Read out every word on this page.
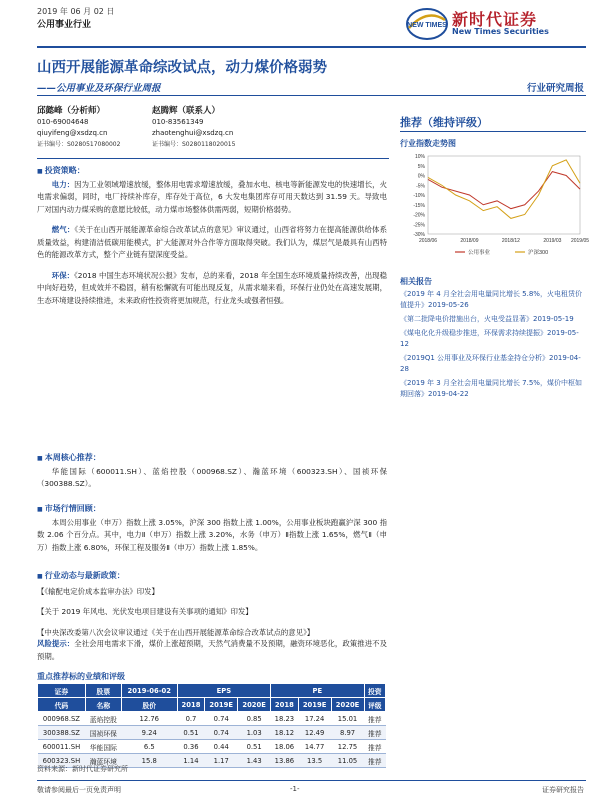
2019 年 06 月 02 日
公用事业行业	NEW TIMES 新时代证券
New Times Securities
山西开展能源革命综改试点，动力煤价格弱势
——公用事业及环保行业周报	行业研究周报
邱懿峰（分析师）
010-69004648
qiuyifeng@xsdzq.cn
证书编号：S0280517080002
赵腾辉（联系人）
010-83561349
zhaotenghui@xsdzq.cn
证书编号：S0280118020015
推荐（维持评级）
行业指数走势图
10%
5%
0%
-5%
-10%
-15%
-20%
-25%
-30%
2018/06	2018/09	2018/12	2019/03 2019/05
公用事业	沪深300
相关报告
《2019 年 4 月全社会用电量同比增长 5.8%，火电租赁价值提升》2019-05-26
《第二批降电价措施出台，火电受益显著》2019-05-19
《煤电化化升级稳步推进，环保需求持续提振》2019-05-12
《2019Q1 公用事业及环保行业基金持仓分析》2019-04-28
《2019 年 3 月全社会用电量同比增长 7.5%，煤价中枢如期回落》2019-04-22
■ 投资策略：

电力：因为工业领域增速放缓，整体用电需求增速放缓，叠加水电、核电等新能源发电的快速增长，火电需求偏弱，同时，电厂持续补库存，库存处于高位，6 大发电集团库存可用天数达到 31.59 天。导致电厂对国内动力煤采购的意愿比较低，动力煤市场整体供需两弱，短期价格弱势。

燃气：《关于在山西开展能源革命综合改革试点的意见》审议通过，山西省将努力在提高能源供给体系质量效益，构建清洁低碳用能模式，扩大能源对外合作等方面取得突破。我们认为，煤层气是最具有山西特色的能源改革方式，整个产业链有望深度受益。

环保：《2018 中国生态环境状况公报》发布，总的来看，2018 年全国生态环境质量持续改善，出现稳中向好趋势，但成效并不稳固，稍有松懈就有可能出现反复，从需求端来看，环保行业仍处在高速发展期，生态环境建设持续推进，未来政府性投资将更加规范，行业龙头或强者恒强。

■ 本周核心推荐：

华能国际（600011.SH）、蓝焰控股（000968.SZ）、瀚蓝环境（600323.SH）、国祯环保（300388.SZ）。

■ 市场行情回顾：

本周公用事业（申万）指数上涨 3.05%，沪深 300 指数上涨 1.00%，公用事业板块跑赢沪深 300 指数 2.06 个百分点。其中，电力Ⅱ（申万）指数上涨 3.20%，水务（申万）Ⅱ指数上涨 1.65%，燃气Ⅱ（申万）指数上涨 6.80%，环保工程及服务Ⅱ（申万）指数上涨 1.85%。

■ 行业动态与最新政策：

【《输配电定价成本监审办法》印发】

【关于 2019 年风电、光伏发电项目建设有关事项的通知》印发】

【中央深改委第八次会议审议通过《关于在山西开展能源革命综合改革试点的意见》】

风险提示：全社会用电需求下滑，煤价上涨超预期，天然气消费量不及预期，融资环境恶化，政策推进不及预期。

重点推荐标的业绩和评级
证券	股票	2019-06-02	EPS			PE			投资
代码	名称	股价	2018	2019E	2020E	2018	2019E	2020E	评级
000968.SZ	蓝焰控股	12.76	0.7	0.74	0.85	18.23	17.24	15.01	推荐
300388.SZ	国祯环保	9.24	0.51	0.74	1.03	18.12	12.49	8.97	推荐
600011.SH	华能国际	6.5	0.36	0.44	0.51	18.06	14.77	12.75	推荐
600323.SH	瀚蓝环境	15.8	1.14	1.17	1.43	13.86	13.5	11.05	推荐
资料来源：新时代证券研究所
敬请参阅最后一页免责声明	-1-	证券研究报告
